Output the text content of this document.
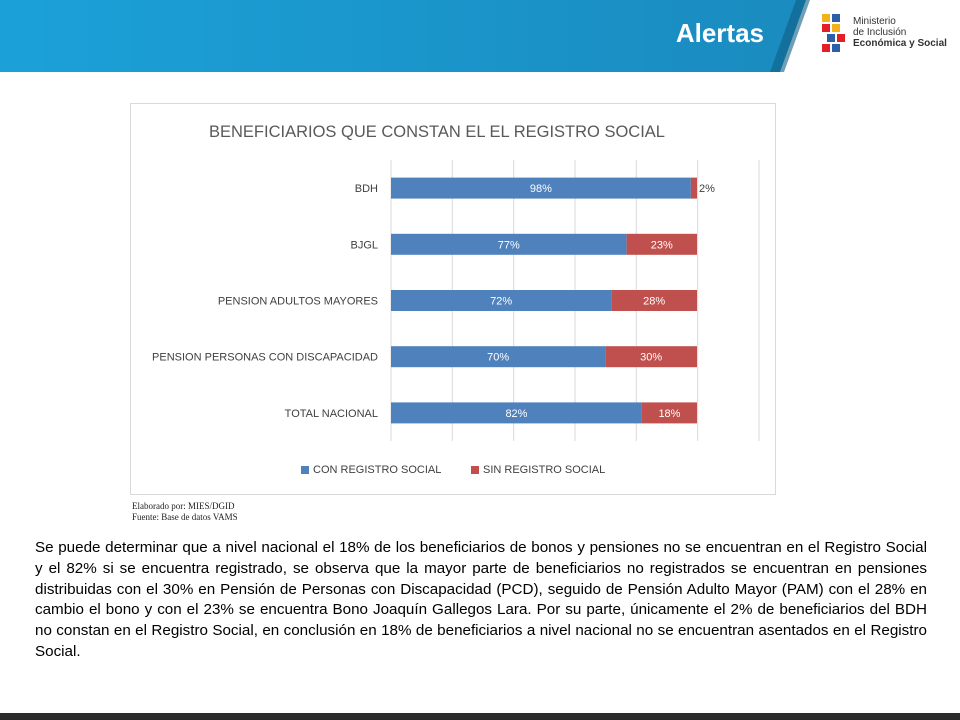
Alertas	Ministerio
de Inclusión
Económica y Social
BENEFICIARIOS QUE CONSTAN EL EL REGISTRO SOCIAL
BDH	98%	2%
BJGL	77%	23%
PENSION ADULTOS MAYORES	72%	28%
PENSION PERSONAS CON DISCAPACIDAD	70%	30%
TOTAL NACIONAL	82%	18%
CON REGISTRO SOCIAL	SIN REGISTRO SOCIAL
Elaborado por: MIES/DGID
Fuente: Base de datos VAMS
Se puede determinar que a nivel nacional el 18% de los beneficiarios de bonos y pensiones no se encuentran en el Registro Social y el 82% si se encuentra registrado, se observa que la mayor parte de beneficiarios no registrados se encuentran en pensiones distribuidas con el 30% en Pensión de Personas con Discapacidad (PCD), seguido de Pensión Adulto Mayor (PAM) con el 28% en cambio el bono y con el 23% se encuentra Bono Joaquín Gallegos Lara. Por su parte, únicamente el 2% de beneficiarios del BDH no constan en el Registro Social, en conclusión en 18% de beneficiarios a nivel nacional no se encuentran asentados en el Registro Social.
